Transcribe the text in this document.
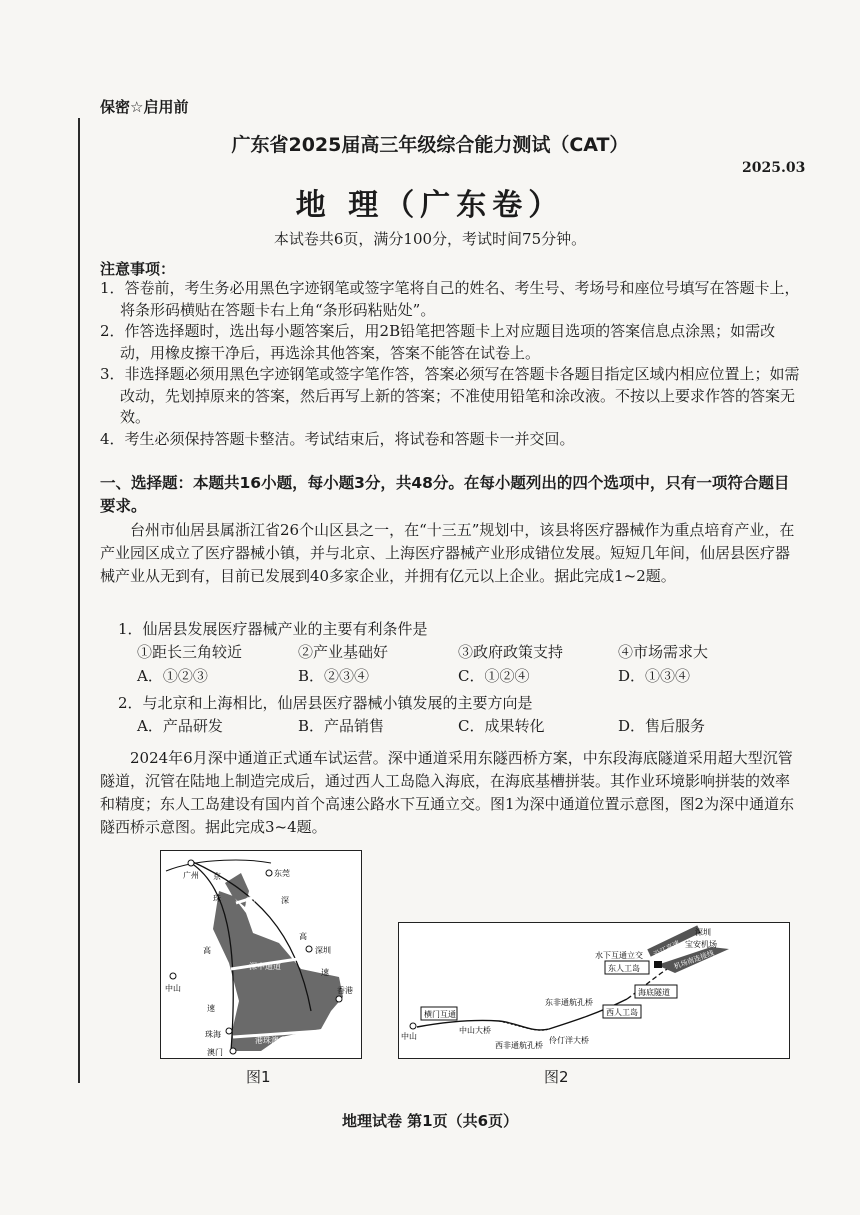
保密☆启用前
广东省2025届高三年级综合能力测试（CAT）
2025.03
地 理（广东卷）
本试卷共6页，满分100分，考试时间75分钟。
注意事项：

1．答卷前，考生务必用黑色字迹钢笔或签字笔将自己的姓名、考生号、考场号和座位号填写在答题卡上，将条形码横贴在答题卡右上角“条形码粘贴处”。

2．作答选择题时，选出每小题答案后，用2B铅笔把答题卡上对应题目选项的答案信息点涂黑；如需改动，用橡皮擦干净后，再选涂其他答案，答案不能答在试卷上。

3．非选择题必须用黑色字迹钢笔或签字笔作答，答案必须写在答题卡各题目指定区域内相应位置上；如需改动，先划掉原来的答案，然后再写上新的答案；不准使用铅笔和涂改液。不按以上要求作答的答案无效。

4．考生必须保持答题卡整洁。考试结束后，将试卷和答题卡一并交回。

一、选择题：本题共16小题，每小题3分，共48分。在每小题列出的四个选项中，只有一项符合题目要求。
台州市仙居县属浙江省26个山区县之一，在“十三五”规划中，该县将医疗器械作为重点培育产业，在产业园区成立了医疗器械小镇，并与北京、上海医疗器械产业形成错位发展。短短几年间，仙居县医疗器械产业从无到有，目前已发展到40多家企业，并拥有亿元以上企业。据此完成1~2题。
1．仙居县发展医疗器械产业的主要有利条件是
①距长三角较近	②产业基础好	③政府政策支持	④市场需求大
A．①②③	B．②③④	C．①②④	D．①③④
2．与北京和上海相比，仙居县医疗器械小镇发展的主要方向是
A．产品研发	B．产品销售	C．成果转化	D．售后服务
2024年6月深中通道正式通车试运营。深中通道采用东隧西桥方案，中东段海底隧道采用超大型沉管隧道，沉管在陆地上制造完成后，通过西人工岛隐入海底，在海底基槽拼装。其作业环境影响拼装的效率和精度；东人工岛建设有国内首个高速公路水下互通立交。图1为深中通道位置示意图，图2为深中通道东隧西桥示意图。据此完成3~4题。
广州	东莞
深圳
中山
珠海
澳门
香港
虎门大桥
深中通道
港珠澳大桥
京
珠
高
速
深
高
速
图1
横门互通
中山
中山大桥
西非通航孔桥
伶仃洋大桥
东非通航孔桥
西人工岛
海底隧道
东人工岛
水下互通立交
深圳
宝安机场
机场南连接线
沿江高速
图2
地理试卷 第1页（共6页）
